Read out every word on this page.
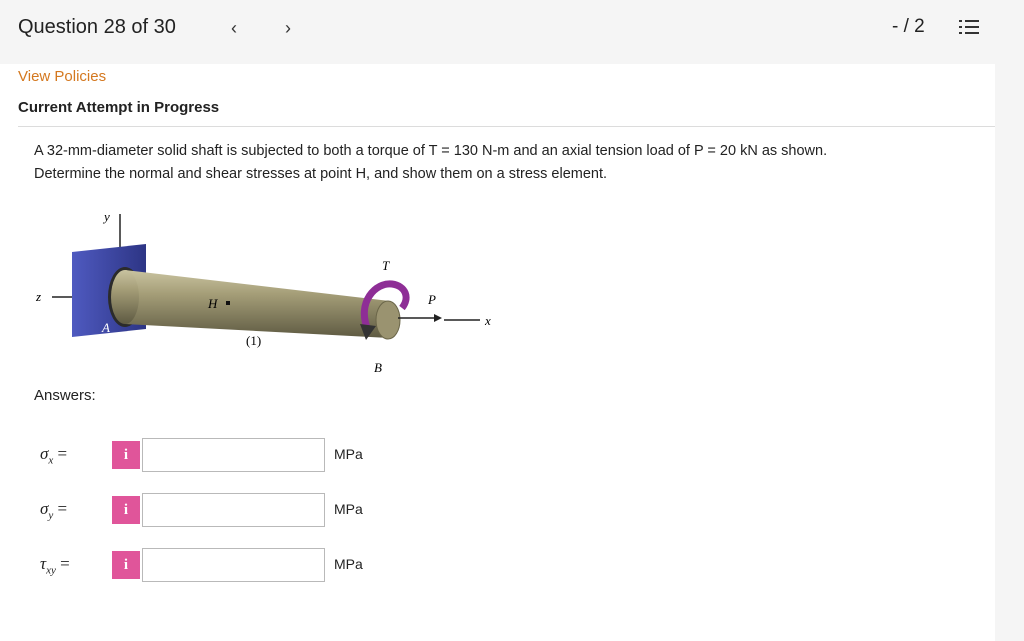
Question 28 of 30	‹	›	- / 2
View Policies
Current Attempt in Progress
A 32-mm-diameter solid shaft is subjected to both a torque of T = 130 N-m and an axial tension load of P = 20 kN as shown.
Determine the normal and shear stresses at point H, and show them on a stress element.
y
z
A
H
(1)
B
T
P
x
Answers:
$\sigma_x$ =	i	MPa
$\sigma_y$ =	i	MPa
$\tau_{xy}$ =	i	MPa
